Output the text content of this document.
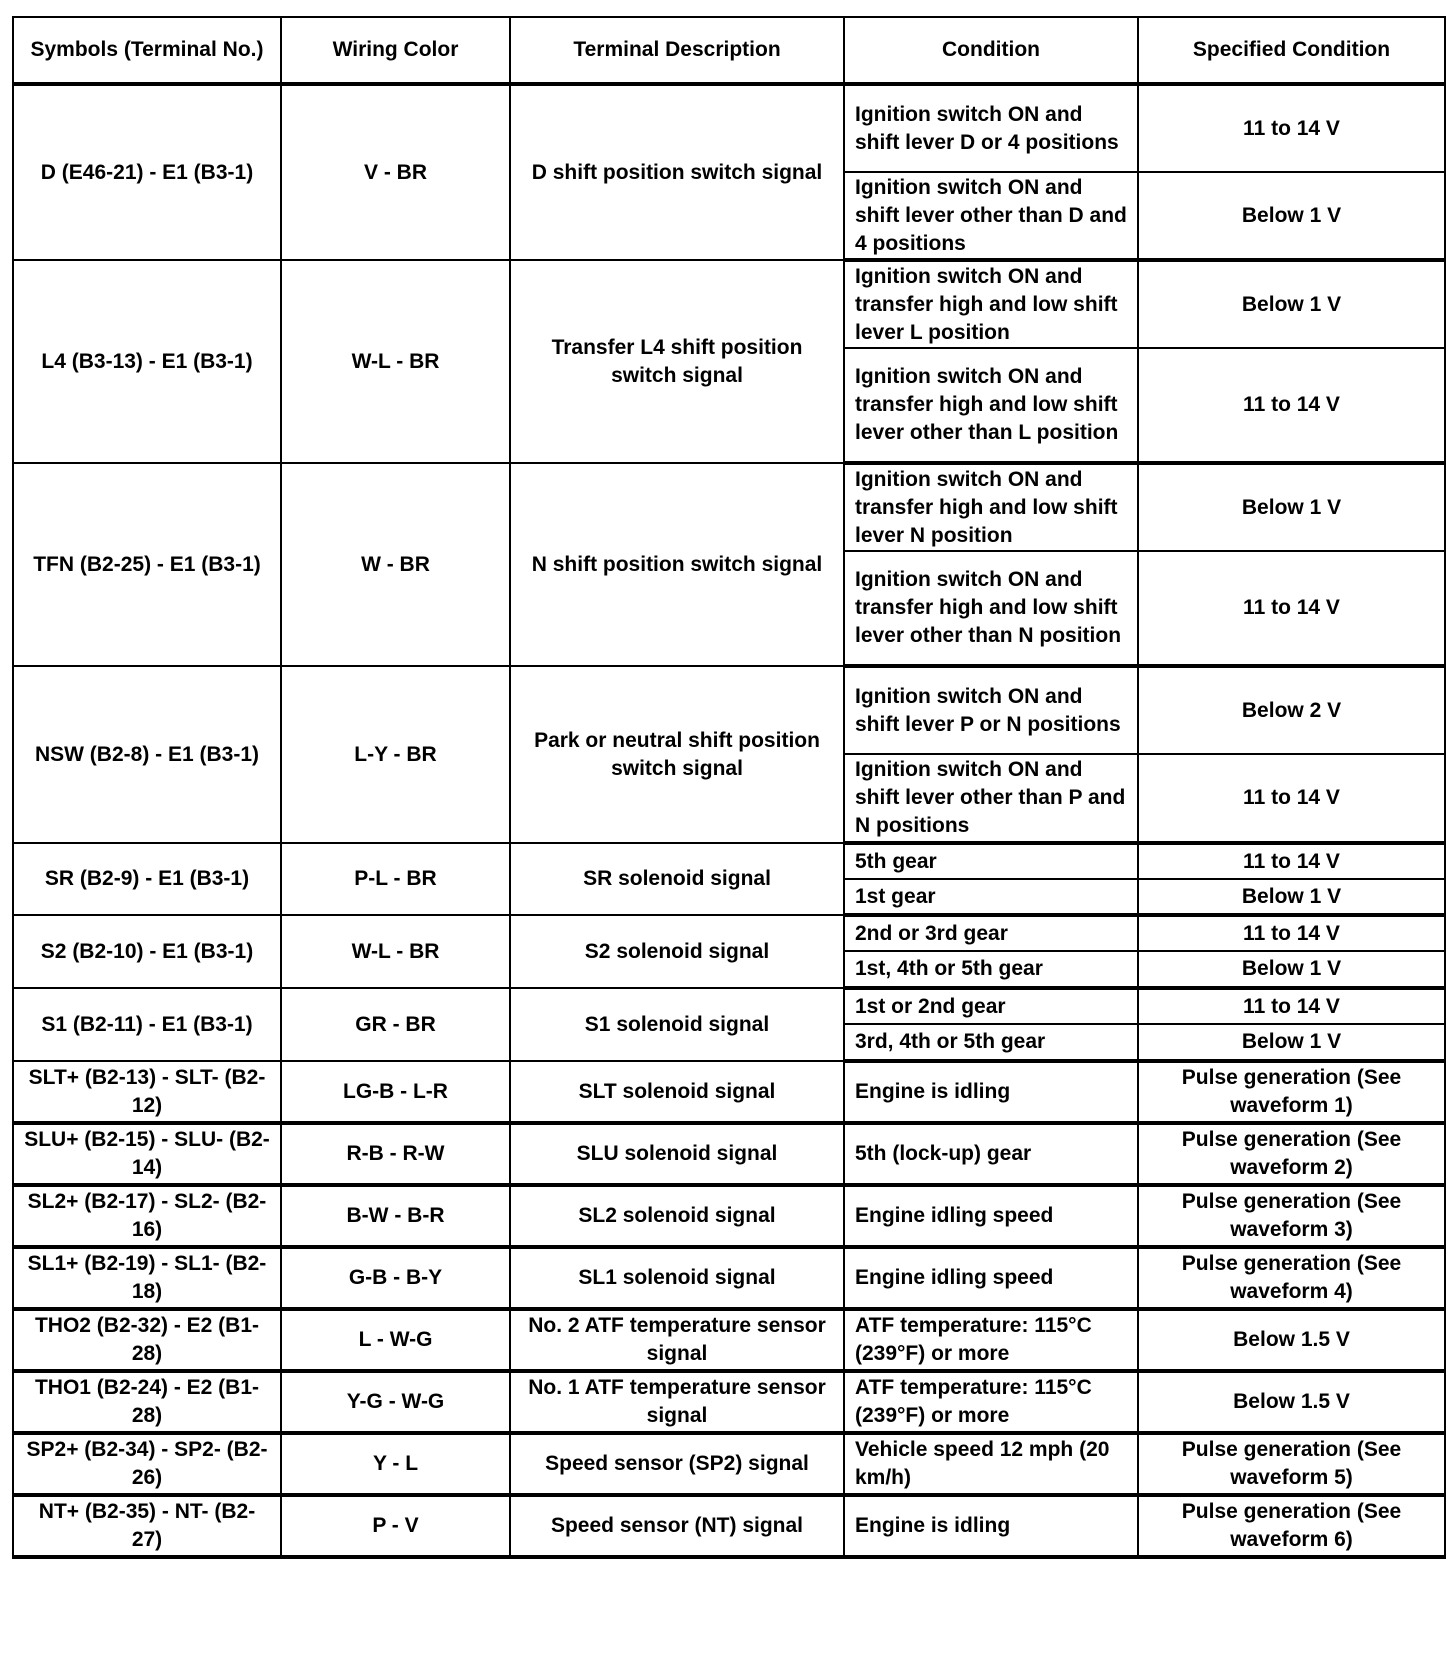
Symbols (Terminal No.)	Wiring Color	Terminal Description	Condition	Specified Condition
D (E46-21) - E1 (B3-1)	V - BR	D shift position switch signal	Ignition switch ON and shift lever D or 4 positions	11 to 14 V
			Ignition switch ON and shift lever other than D and 4 positions	Below 1 V
L4 (B3-13) - E1 (B3-1)	W-L - BR	Transfer L4 shift position switch signal	Ignition switch ON and transfer high and low shift lever L position	Below 1 V
			Ignition switch ON and transfer high and low shift lever other than L position	11 to 14 V
TFN (B2-25) - E1 (B3-1)	W - BR	N shift position switch signal	Ignition switch ON and transfer high and low shift lever N position	Below 1 V
			Ignition switch ON and transfer high and low shift lever other than N position	11 to 14 V
NSW (B2-8) - E1 (B3-1)	L-Y - BR	Park or neutral shift position switch signal	Ignition switch ON and shift lever P or N positions	Below 2 V
			Ignition switch ON and shift lever other than P and N positions	11 to 14 V
SR (B2-9) - E1 (B3-1)	P-L - BR	SR solenoid signal	5th gear	11 to 14 V
			1st gear	Below 1 V
S2 (B2-10) - E1 (B3-1)	W-L - BR	S2 solenoid signal	2nd or 3rd gear	11 to 14 V
			1st, 4th or 5th gear	Below 1 V
S1 (B2-11) - E1 (B3-1)	GR - BR	S1 solenoid signal	1st or 2nd gear	11 to 14 V
			3rd, 4th or 5th gear	Below 1 V
SLT+ (B2-13) - SLT- (B2-12)	LG-B - L-R	SLT solenoid signal	Engine is idling	Pulse generation (See waveform 1)
SLU+ (B2-15) - SLU- (B2-14)	R-B - R-W	SLU solenoid signal	5th (lock-up) gear	Pulse generation (See waveform 2)
SL2+ (B2-17) - SL2- (B2-16)	B-W - B-R	SL2 solenoid signal	Engine idling speed	Pulse generation (See waveform 3)
SL1+ (B2-19) - SL1- (B2-18)	G-B - B-Y	SL1 solenoid signal	Engine idling speed	Pulse generation (See waveform 4)
THO2 (B2-32) - E2 (B1-28)	L - W-G	No. 2 ATF temperature sensor signal	ATF temperature: 115°C (239°F) or more	Below 1.5 V
THO1 (B2-24) - E2 (B1-28)	Y-G - W-G	No. 1 ATF temperature sensor signal	ATF temperature: 115°C (239°F) or more	Below 1.5 V
SP2+ (B2-34) - SP2- (B2-26)	Y - L	Speed sensor (SP2) signal	Vehicle speed 12 mph (20 km/h)	Pulse generation (See waveform 5)
NT+ (B2-35) - NT- (B2-27)	P - V	Speed sensor (NT) signal	Engine is idling	Pulse generation (See waveform 6)
